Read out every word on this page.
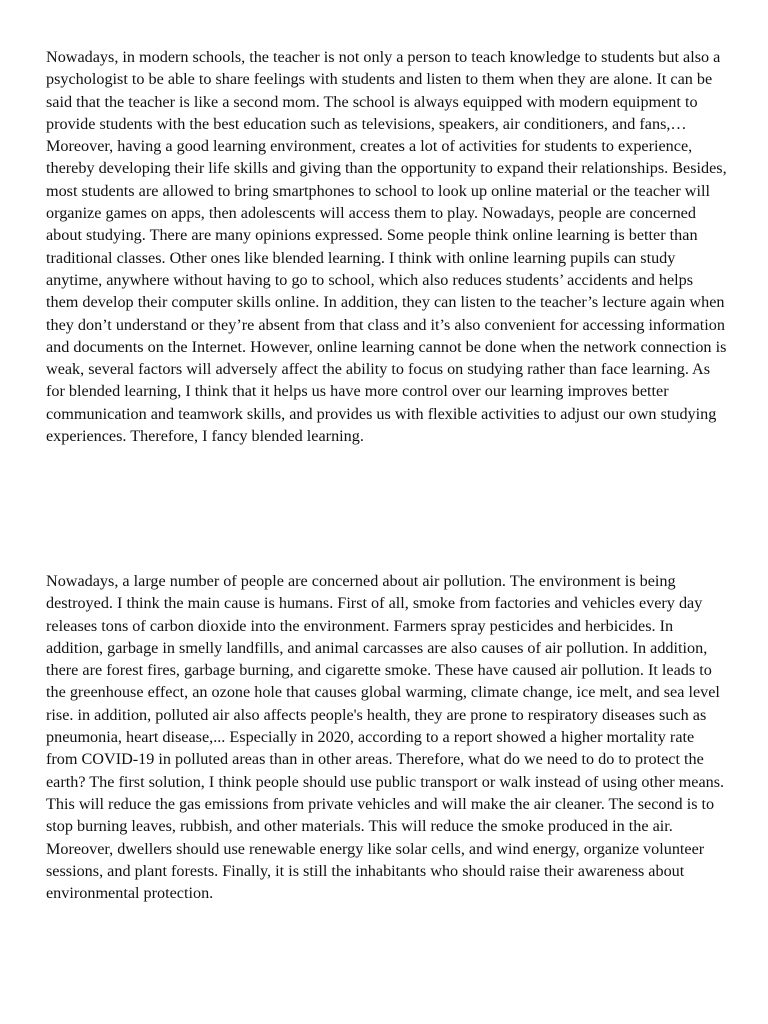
Nowadays, in modern schools, the teacher is not only a person to teach knowledge to students but also a psychologist to be able to share feelings with students and listen to them when they are alone. It can be said that the teacher is like a second mom. The school is always equipped with modern equipment to provide students with the best education such as televisions, speakers, air conditioners, and fans,…Moreover, having a good learning environment, creates a lot of activities for students to experience, thereby developing their life skills and giving than the opportunity to expand their relationships. Besides, most students are allowed to bring smartphones to school to look up online material or the teacher will organize games on apps, then adolescents will access them to play. Nowadays, people are concerned about studying. There are many opinions expressed. Some people think online learning is better than traditional classes. Other ones like blended learning. I think with online learning pupils can study anytime, anywhere without having to go to school, which also reduces students’ accidents and helps them develop their computer skills online. In addition, they can listen to the teacher’s lecture again when they don’t understand or they’re absent from that class and it’s also convenient for accessing information and documents on the Internet. However, online learning cannot be done when the network connection is weak, several factors will adversely affect the ability to focus on studying rather than face learning. As for blended learning, I think that it helps us have more control over our learning improves better communication and teamwork skills, and provides us with flexible activities to adjust our own studying experiences. Therefore, I fancy blended learning.

Nowadays, a large number of people are concerned about air pollution. The environment is being destroyed. I think the main cause is humans. First of all, smoke from factories and vehicles every day releases tons of carbon dioxide into the environment. Farmers spray pesticides and herbicides. In addition, garbage in smelly landfills, and animal carcasses are also causes of air pollution. In addition, there are forest fires, garbage burning, and cigarette smoke. These have caused air pollution. It leads to the greenhouse effect, an ozone hole that causes global warming, climate change, ice melt, and sea level rise. in addition, polluted air also affects people's health, they are prone to respiratory diseases such as pneumonia, heart disease,... Especially in 2020, according to a report showed a higher mortality rate from COVID-19 in polluted areas than in other areas. Therefore, what do we need to do to protect the earth? The first solution, I think people should use public transport or walk instead of using other means. This will reduce the gas emissions from private vehicles and will make the air cleaner. The second is to stop burning leaves, rubbish, and other materials. This will reduce the smoke produced in the air. Moreover, dwellers should use renewable energy like solar cells, and wind energy, organize volunteer sessions, and plant forests. Finally, it is still the inhabitants who should raise their awareness about environmental protection.
